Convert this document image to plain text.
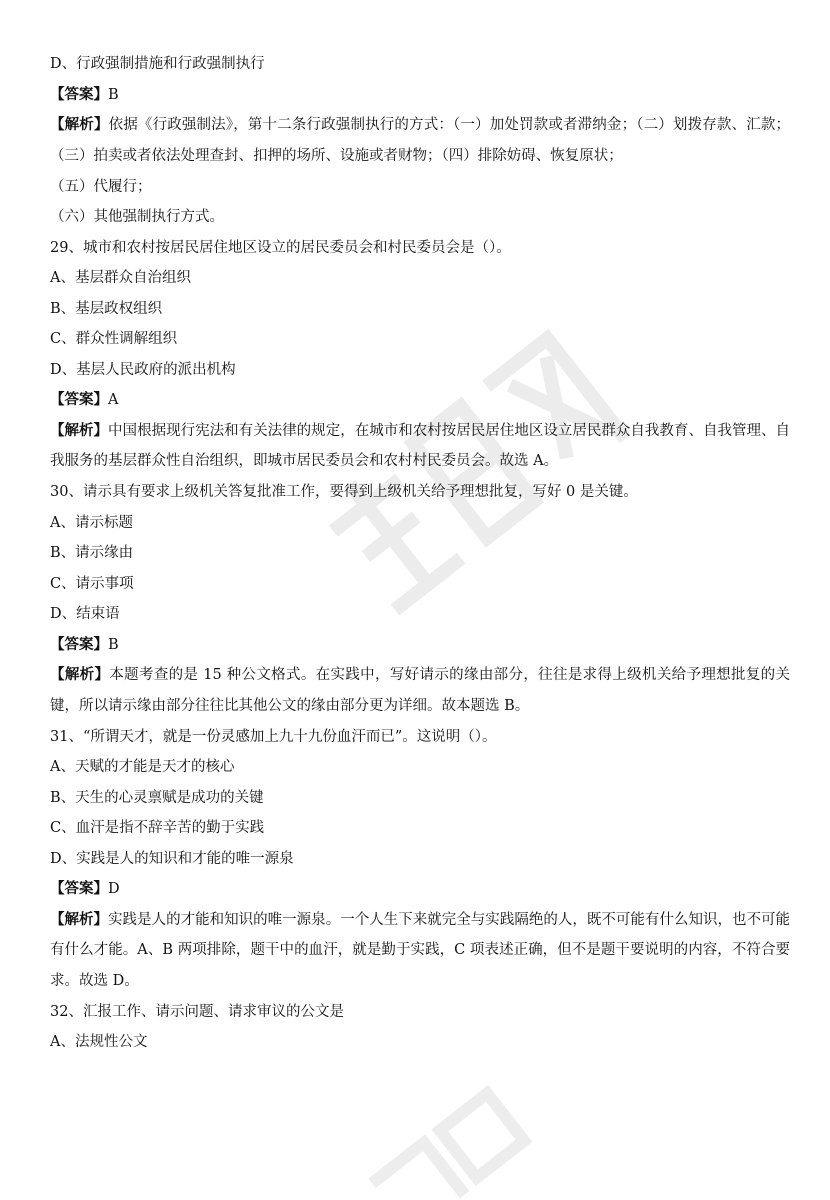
D、行政强制措施和行政强制执行
【答案】B
【解析】依据《行政强制法》，第十二条行政强制执行的方式：（一）加处罚款或者滞纳金；（二）划拨存款、汇款；（三）拍卖或者依法处理查封、扣押的场所、设施或者财物；（四）排除妨碍、恢复原状；
（五）代履行；
（六）其他强制执行方式。
29、城市和农村按居民居住地区设立的居民委员会和村民委员会是（）。
A、基层群众自治组织
B、基层政权组织
C、群众性调解组织
D、基层人民政府的派出机构
【答案】A
【解析】中国根据现行宪法和有关法律的规定，在城市和农村按居民居住地区设立居民群众自我教育、自我管理、自我服务的基层群众性自治组织，即城市居民委员会和农村村民委员会。故选 A。
30、请示具有要求上级机关答复批准工作，要得到上级机关给予理想批复，写好 0 是关键。
A、请示标题
B、请示缘由
C、请示事项
D、结束语
【答案】B
【解析】本题考查的是 15 种公文格式。在实践中，写好请示的缘由部分，往往是求得上级机关给予理想批复的关键，所以请示缘由部分往往比其他公文的缘由部分更为详细。故本题选 B。
31、“所谓天才，就是一份灵感加上九十九份血汗而已”。这说明（）。
A、天赋的才能是天才的核心
B、天生的心灵禀赋是成功的关键
C、血汗是指不辞辛苦的勤于实践
D、实践是人的知识和才能的唯一源泉
【答案】D
【解析】实践是人的才能和知识的唯一源泉。一个人生下来就完全与实践隔绝的人，既不可能有什么知识，也不可能有什么才能。A、B 两项排除，题干中的血汗，就是勤于实践，C 项表述正确，但不是题干要说明的内容，不符合要求。故选 D。
32、汇报工作、请示问题、请求审议的公文是
A、法规性公文
